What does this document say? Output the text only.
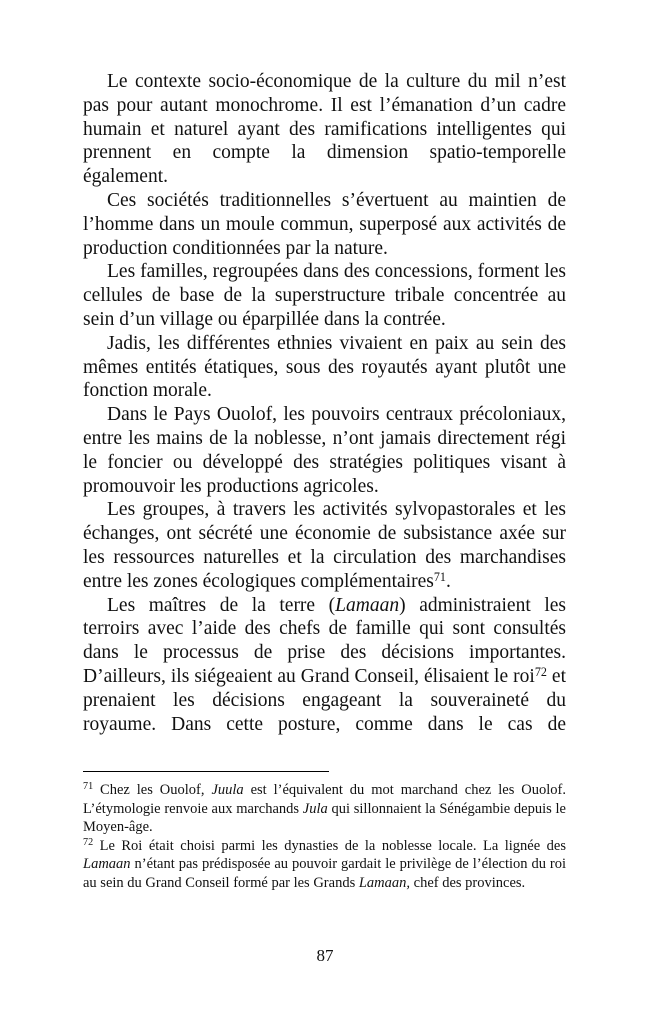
Le contexte socio-économique de la culture du mil n’est pas pour autant monochrome. Il est l’émanation d’un cadre humain et naturel ayant des ramifications intelligentes qui prennent en compte la dimension spatio-temporelle également.

Ces sociétés traditionnelles s’évertuent au maintien de l’homme dans un moule commun, superposé aux activités de production conditionnées par la nature.

Les familles, regroupées dans des concessions, forment les cellules de base de la superstructure tribale concentrée au sein d’un village ou éparpillée dans la contrée.

Jadis, les différentes ethnies vivaient en paix au sein des mêmes entités étatiques, sous des royautés ayant plutôt une fonction morale.

Dans le Pays Ouolof, les pouvoirs centraux précoloniaux, entre les mains de la noblesse, n’ont jamais directement régi le foncier ou développé des stratégies politiques visant à promouvoir les productions agricoles.

Les groupes, à travers les activités sylvopastorales et les échanges, ont sécrété une économie de subsistance axée sur les ressources naturelles et la circulation des marchandises entre les zones écologiques complémentaires$^{71}$.

Les maîtres de la terre (Lamaan) administraient les terroirs avec l’aide des chefs de famille qui sont consultés dans le processus de prise des décisions importantes. D’ailleurs, ils siégeaient au Grand Conseil, élisaient le roi$^{72}$ et prenaient les décisions engageant la souveraineté du royaume. Dans cette posture, comme dans le cas de

$^{71}$ Chez les Ouolof, Juula est l’équivalent du mot marchand chez les Ouolof. L’étymologie renvoie aux marchands Jula qui sillonnaient la Sénégambie depuis le Moyen-âge.

$^{72}$ Le Roi était choisi parmi les dynasties de la noblesse locale. La lignée des Lamaan n’étant pas prédisposée au pouvoir gardait le privilège de l’élection du roi au sein du Grand Conseil formé par les Grands Lamaan, chef des provinces.

87
